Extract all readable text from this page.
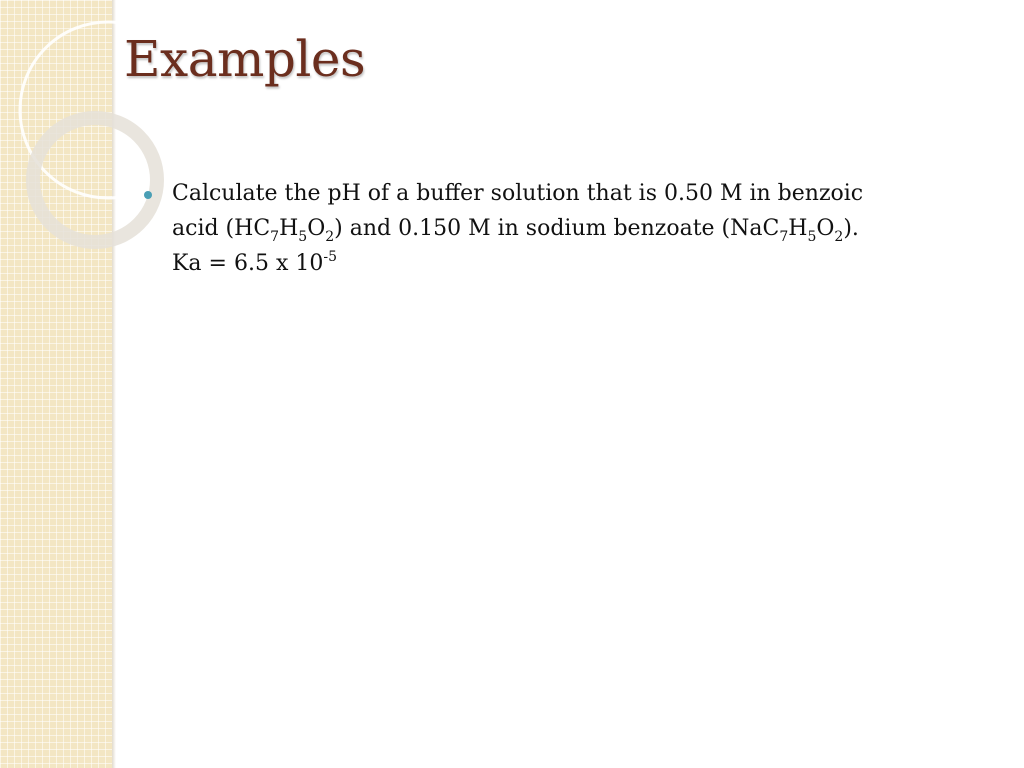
Examples
Calculate the pH of a buffer solution that is 0.50 M in benzoic
acid $(HC_7H_5O_2)$ and 0.150 M in sodium benzoate $(NaC_7H_5O_2)$.
Ka = 6.5 x $10^{-5}$
